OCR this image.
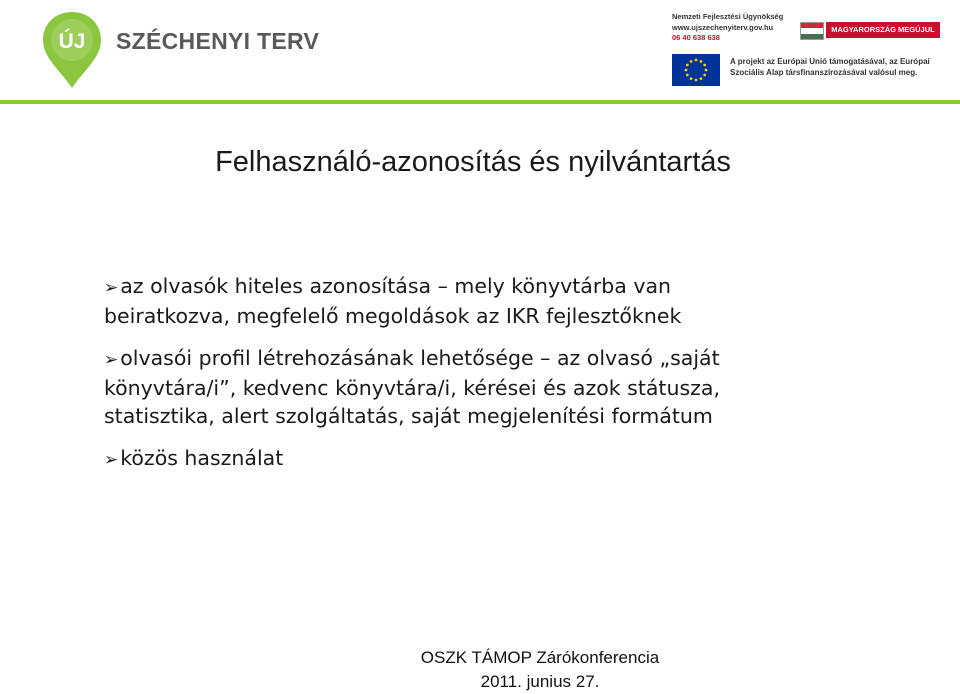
ÚJ SZÉCHENYI TERV
Nemzeti Fejlesztési Ügynökség
www.ujszechenyiterv.gov.hu
06 40 638 638
MAGYARORSZÁG MEGÚJUL
A projekt az Európai Unió támogatásával, az Európai
Szociális Alap társfinanszírozásával valósul meg.
Felhasználó-azonosítás és nyilvántartás
➢az olvasók hiteles azonosítása – mely könyvtárba van
beiratkozva, megfelelő megoldások az IKR fejlesztőknek
➢olvasói profil létrehozásának lehetősége – az olvasó „saját
könyvtára/i”, kedvenc könyvtára/i, kérései és azok státusza,
statisztika, alert szolgáltatás, saját megjelenítési formátum
➢közös használat
OSZK TÁMOP Zárókonferencia
2011. junius 27.
